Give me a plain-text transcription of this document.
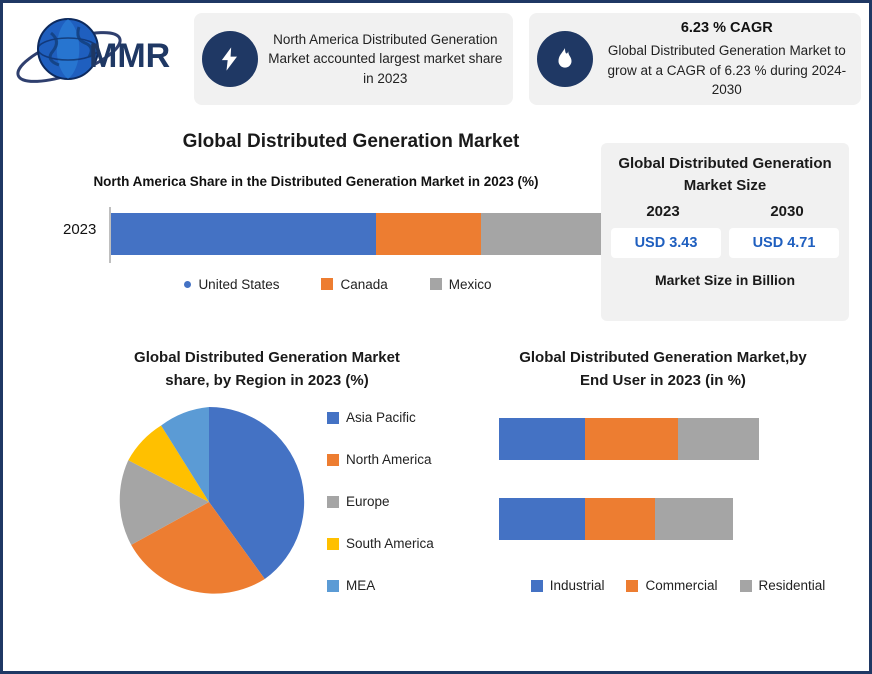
MMR	North America Distributed Generation Market accounted largest market share in 2023
6.23 % CAGR
Global Distributed Generation Market to grow at a CAGR of 6.23 % during 2024-2030
Global Distributed Generation Market
North America Share in the Distributed Generation Market in 2023 (%)
2023
United States	Canada	Mexico
Global Distributed Generation Market Size
2023	2030
USD 3.43	USD 4.71
Market Size in Billion
Global Distributed Generation Market share, by Region in 2023 (%)
Asia Pacific
North America
Europe
South America
MEA
Global Distributed Generation Market,by End User in 2023 (in %)
Industrial	Commercial	Residential
